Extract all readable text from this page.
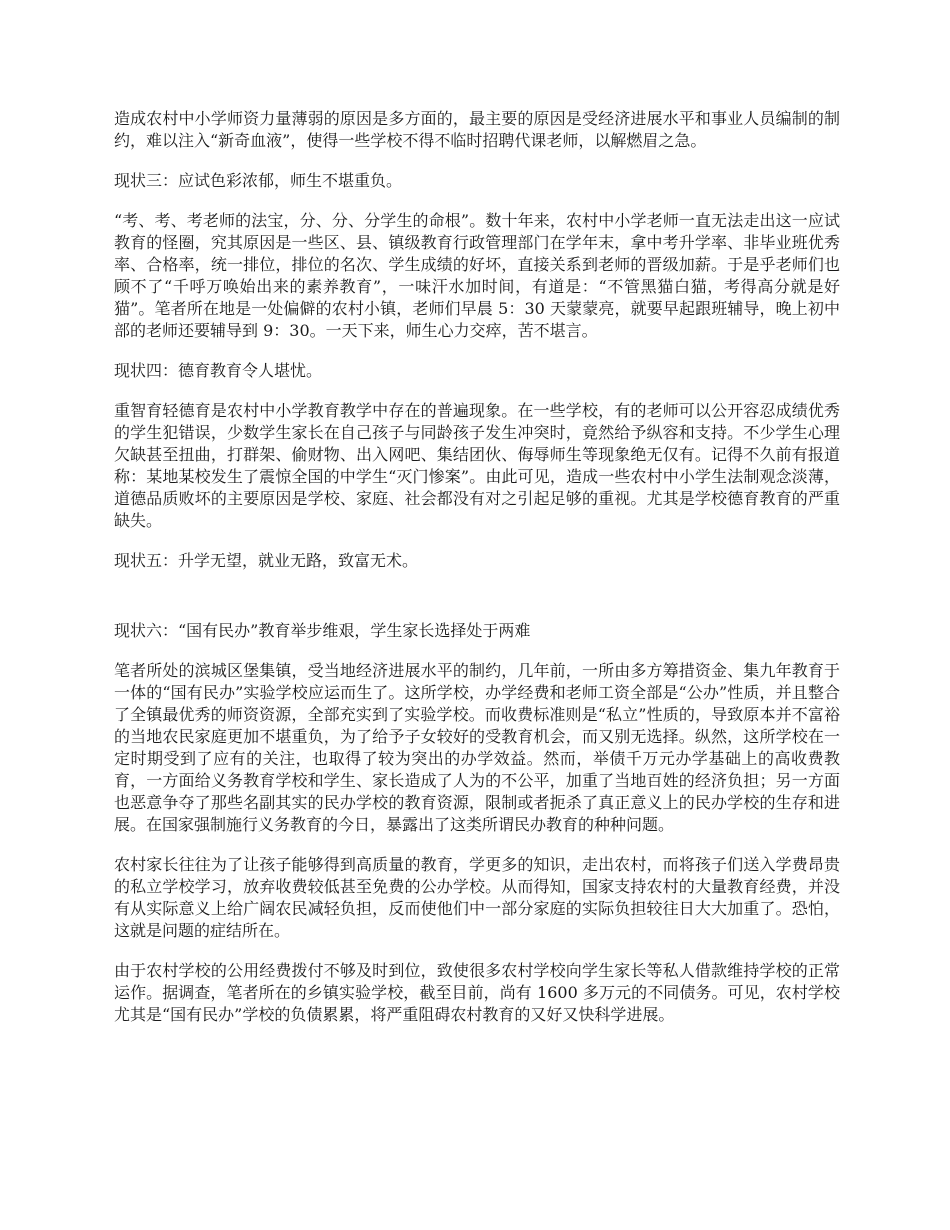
造成农村中小学师资力量薄弱的原因是多方面的，最主要的原因是受经济进展水平和事业人员编制的制约，难以注入“新奇血液”，使得一些学校不得不临时招聘代课老师，以解燃眉之急。

现状三：应试色彩浓郁，师生不堪重负。

“考、考、考老师的法宝，分、分、分学生的命根”。数十年来，农村中小学老师一直无法走出这一应试教育的怪圈，究其原因是一些区、县、镇级教育行政管理部门在学年末，拿中考升学率、非毕业班优秀率、合格率，统一排位，排位的名次、学生成绩的好坏，直接关系到老师的晋级加薪。于是乎老师们也顾不了“千呼万唤始出来的素养教育”，一味汗水加时间，有道是：“不管黑猫白猫，考得高分就是好猫”。笔者所在地是一处偏僻的农村小镇，老师们早晨 5：30 天蒙蒙亮，就要早起跟班辅导，晚上初中部的老师还要辅导到 9：30。一天下来，师生心力交瘁，苦不堪言。

现状四：德育教育令人堪忧。

重智育轻德育是农村中小学教育教学中存在的普遍现象。在一些学校，有的老师可以公开容忍成绩优秀的学生犯错误，少数学生家长在自己孩子与同龄孩子发生冲突时，竟然给予纵容和支持。不少学生心理欠缺甚至扭曲，打群架、偷财物、出入网吧、集结团伙、侮辱师生等现象绝无仅有。记得不久前有报道称：某地某校发生了震惊全国的中学生“灭门惨案”。由此可见，造成一些农村中小学生法制观念淡薄，道德品质败坏的主要原因是学校、家庭、社会都没有对之引起足够的重视。尤其是学校德育教育的严重缺失。

现状五：升学无望，就业无路，致富无术。

现状六：“国有民办”教育举步维艰，学生家长选择处于两难

笔者所处的滨城区堡集镇，受当地经济进展水平的制约，几年前，一所由多方筹措资金、集九年教育于一体的“国有民办”实验学校应运而生了。这所学校，办学经费和老师工资全部是“公办”性质，并且整合了全镇最优秀的师资资源，全部充实到了实验学校。而收费标准则是“私立”性质的，导致原本并不富裕的当地农民家庭更加不堪重负，为了给予子女较好的受教育机会，而又别无选择。纵然，这所学校在一定时期受到了应有的关注，也取得了较为突出的办学效益。然而，举债千万元办学基础上的高收费教育，一方面给义务教育学校和学生、家长造成了人为的不公平，加重了当地百姓的经济负担；另一方面也恶意争夺了那些名副其实的民办学校的教育资源，限制或者扼杀了真正意义上的民办学校的生存和进展。在国家强制施行义务教育的今日，暴露出了这类所谓民办教育的种种问题。

农村家长往往为了让孩子能够得到高质量的教育，学更多的知识，走出农村，而将孩子们送入学费昂贵的私立学校学习，放弃收费较低甚至免费的公办学校。从而得知，国家支持农村的大量教育经费，并没有从实际意义上给广阔农民减轻负担，反而使他们中一部分家庭的实际负担较往日大大加重了。恐怕，这就是问题的症结所在。

由于农村学校的公用经费拨付不够及时到位，致使很多农村学校向学生家长等私人借款维持学校的正常运作。据调查，笔者所在的乡镇实验学校，截至目前，尚有 1600 多万元的不同债务。可见，农村学校尤其是“国有民办”学校的负债累累，将严重阻碍农村教育的又好又快科学进展。
